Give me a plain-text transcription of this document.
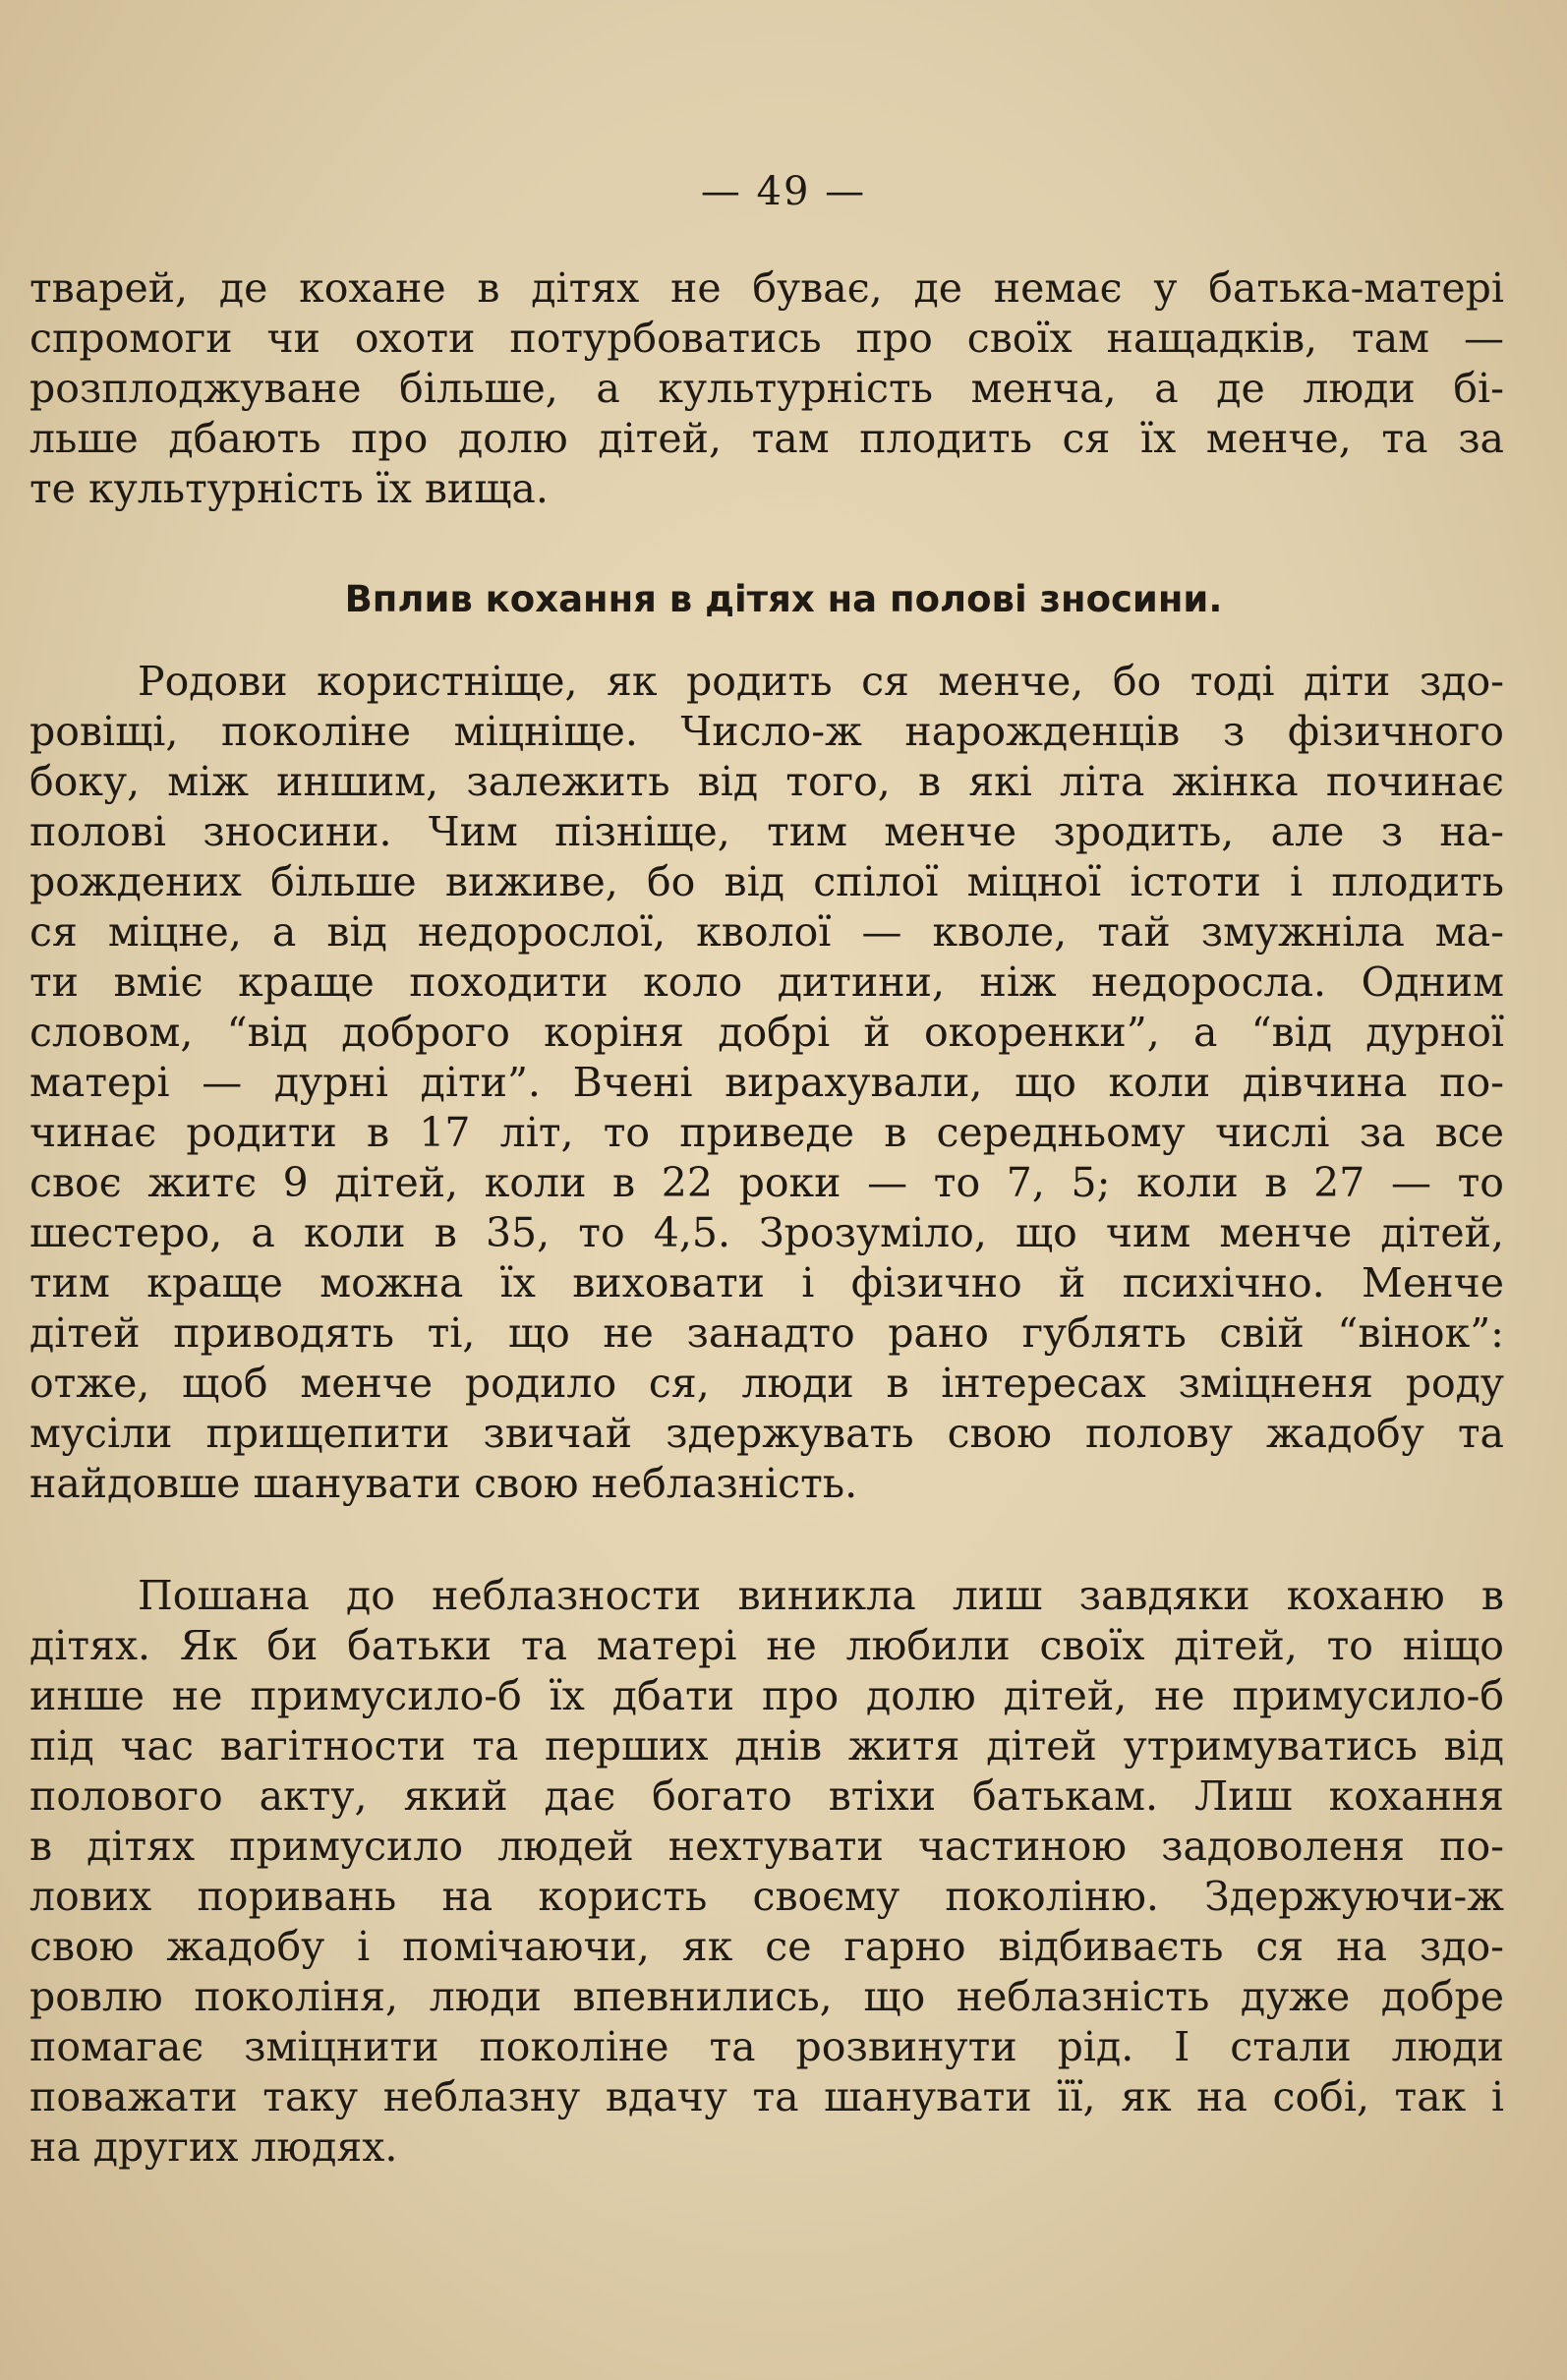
— 49 —
тварей, де кохане в дітях не буває, де немає у батька-матері
спромоги чи охоти потурбоватись про своїх нащадків, там —
розплоджуване більше, а культурність менча, а де люди бі-
льше дбають про долю дітей, там плодить ся їх менче, та за
те культурність їх вища.
Вплив кохання в дітях на полові зносини.
Родови користніще, як родить ся менче, бо тоді діти здо-
ровіщі, поколіне міцніще. Число-ж нарожденців з фізичного
боку, між иншим, залежить від того, в які літа жінка починає
полові зносини. Чим пізніще, тим менче зродить, але з на-
рождених більше виживе, бо від спілої міцної істоти і плодить
ся міцне, а від недорослої, кволої — кволе, тай змужніла ма-
ти вміє краще походити коло дитини, ніж недоросла. Одним
словом, “від доброго коріня добрі й окоренки”, а “від дурної
матері — дурні діти”. Вчені вирахували, що коли дівчина по-
чинає родити в 17 літ, то приведе в середньому числі за все
своє житє 9 дітей, коли в 22 роки — то 7, 5; коли в 27 — то
шестеро, а коли в 35, то 4,5. Зрозуміло, що чим менче дітей,
тим краще можна їх виховати і фізично й психічно. Менче
дітей приводять ті, що не занадто рано гублять свій “вінок”:
отже, щоб менче родило ся, люди в інтересах зміцненя роду
мусіли прищепити звичай здержувать свою полову жадобу та
найдовше шанувати свою неблазність.
Пошана до неблазности виникла лиш завдяки коханю в
дітях. Як би батьки та матері не любили своїх дітей, то ніщо
инше не примусило-б їх дбати про долю дітей, не примусило-б
під час вагітности та перших днів житя дітей утримуватись від
полового акту, який дає богато втіхи батькам. Лиш кохання
в дітях примусило людей нехтувати частиною задоволеня по-
лових поривань на користь своєму поколіню. Здержуючи-ж
свою жадобу і помічаючи, як се гарно відбиваєть ся на здо-
ровлю поколіня, люди впевнились, що неблазність дуже добре
помагає зміцнити поколіне та розвинути рід. І стали люди
поважати таку неблазну вдачу та шанувати її, як на собі, так і
на других людях.
